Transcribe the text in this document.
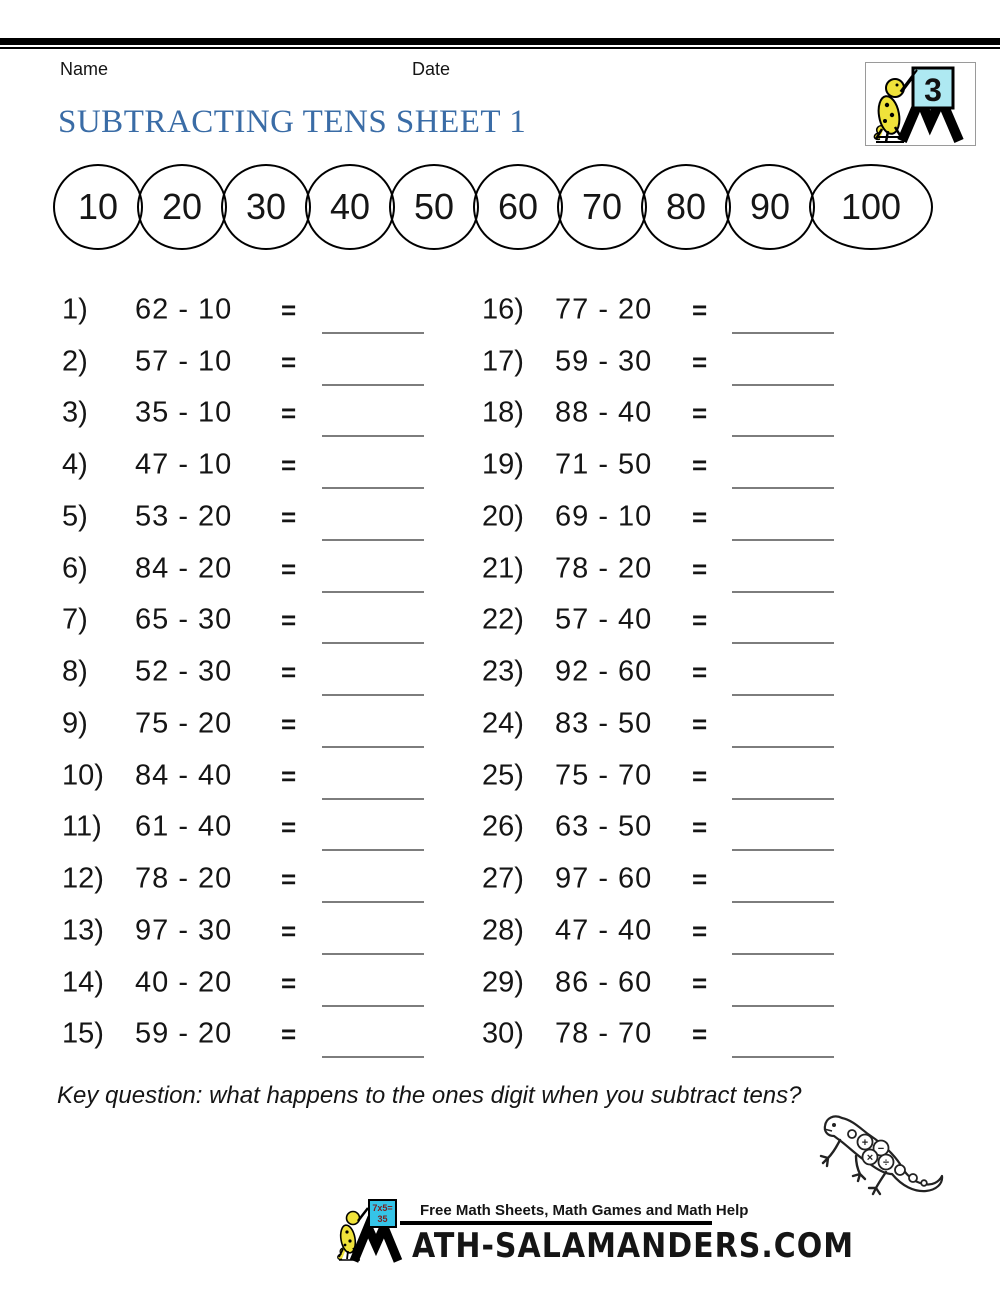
Name	Date
3
SUBTRACTING TENS SHEET 1
10	20	30	40	50	60	70	80	90	100
1) 62 - 10 =
2) 57 - 10 =
3) 35 - 10 =
4) 47 - 10 =
5) 53 - 20 =
6) 84 - 20 =
7) 65 - 30 =
8) 52 - 30 =
9) 75 - 20 =
10) 84 - 40 =
11) 61 - 40 =
12) 78 - 20 =
13) 97 - 30 =
14) 40 - 20 =
15) 59 - 20 =
16) 77 - 20 =
17) 59 - 30 =
18) 88 - 40 =
19) 71 - 50 =
20) 69 - 10 =
21) 78 - 20 =
22) 57 - 40 =
23) 92 - 60 =
24) 83 - 50 =
25) 75 - 70 =
26) 63 - 50 =
27) 97 - 60 =
28) 47 - 40 =
29) 86 - 60 =
30) 78 - 70 =
Key question: what happens to the ones digit when you subtract tens?
+ −
× ÷
7x5=
35 Free Math Sheets, Math Games and Math Help
ATH-SALAMANDERS.COM
